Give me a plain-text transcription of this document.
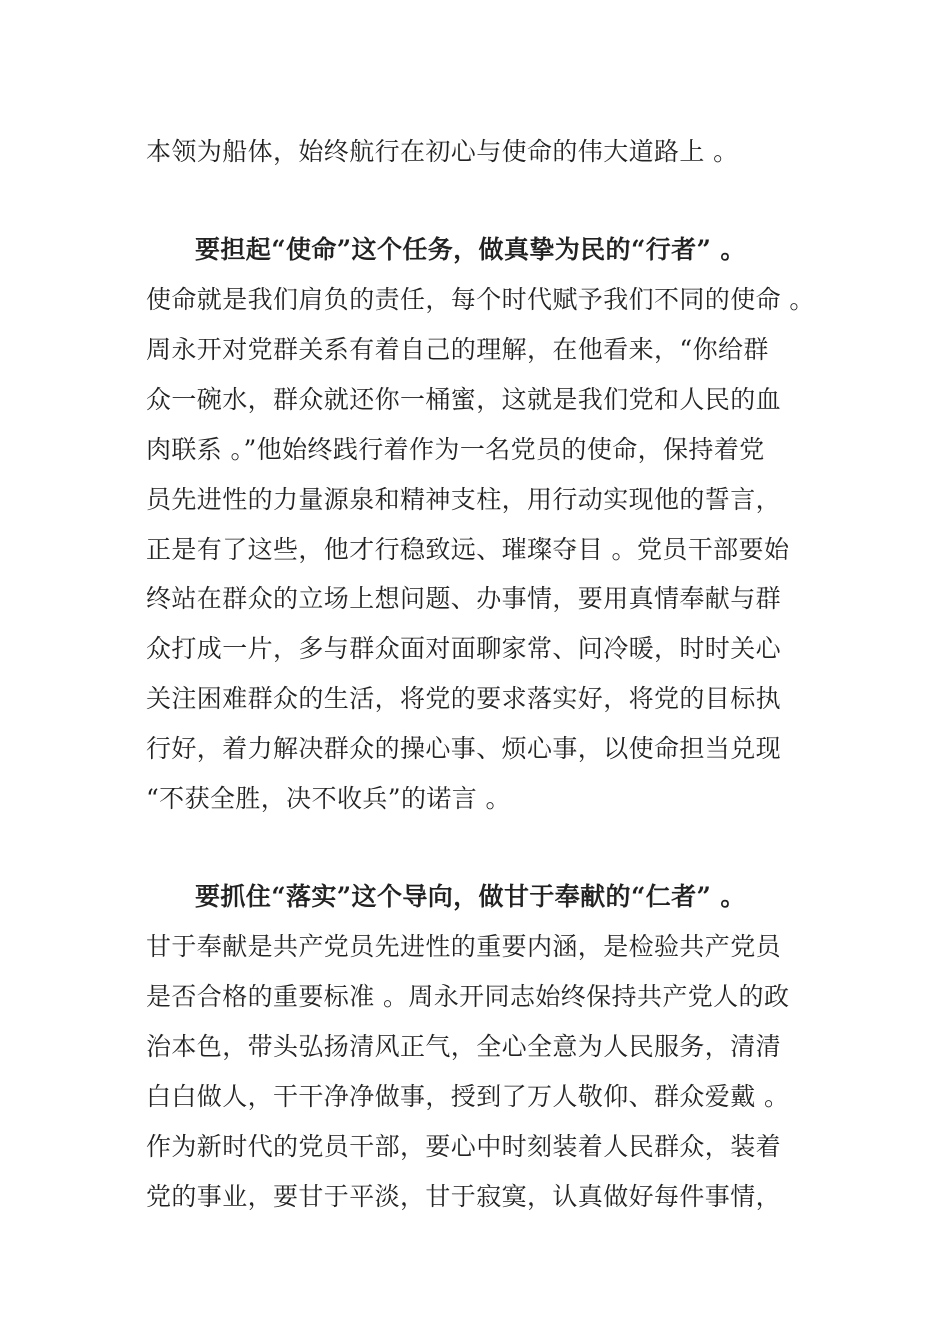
本领为船体，始终航行在初心与使命的伟大道路上 。
要担起“使命”这个任务，做真挚为民的“行者” 。
使命就是我们肩负的责任，每个时代赋予我们不同的使命 。
周永开对党群关系有着自己的理解，在他看来，“你给群
众一碗水，群众就还你一桶蜜，这就是我们党和人民的血
肉联系 。”他始终践行着作为一名党员的使命，保持着党
员先进性的力量源泉和精神支柱，用行动实现他的誓言，
正是有了这些，他才行稳致远、璀璨夺目 。党员干部要始
终站在群众的立场上想问题、办事情，要用真情奉献与群
众打成一片，多与群众面对面聊家常、问冷暖，时时关心
关注困难群众的生活，将党的要求落实好，将党的目标执
行好，着力解决群众的操心事、烦心事，以使命担当兑现
“不获全胜，决不收兵”的诺言 。
要抓住“落实”这个导向，做甘于奉献的“仁者” 。
甘于奉献是共产党员先进性的重要内涵，是检验共产党员
是否合格的重要标准 。周永开同志始终保持共产党人的政
治本色，带头弘扬清风正气，全心全意为人民服务，清清
白白做人，干干净净做事，授到了万人敬仰、群众爱戴 。
作为新时代的党员干部，要心中时刻装着人民群众，装着
党的事业，要甘于平淡，甘于寂寞，认真做好每件事情，
